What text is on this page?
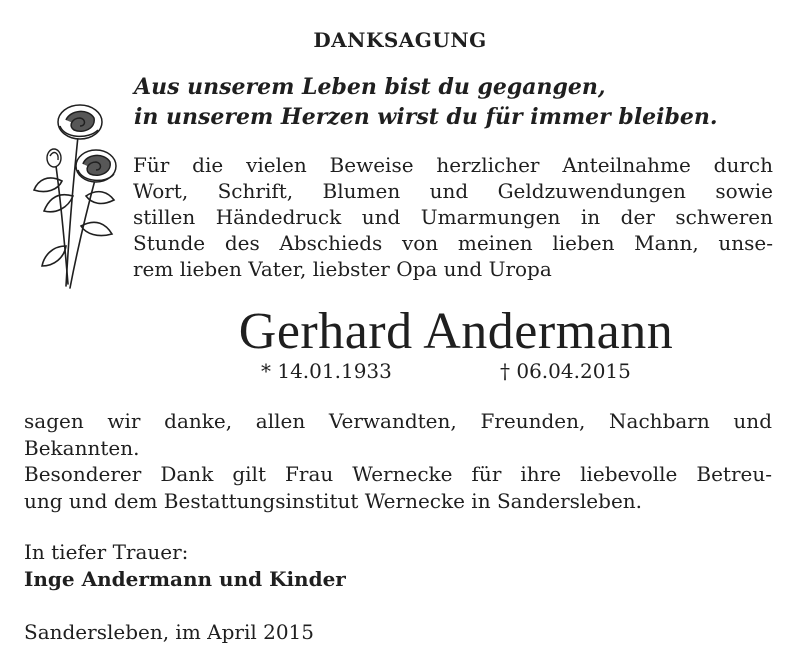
DANKSAGUNG
Aus unserem Leben bist du gegangen,
in unserem Herzen wirst du für immer bleiben.
Für die vielen Beweise herzlicher Anteilnahme durch
Wort, Schrift, Blumen und Geldzuwendungen sowie
stillen Händedruck und Umarmungen in der schweren
Stunde des Abschieds von meinen lieben Mann, unse-
rem lieben Vater, liebster Opa und Uropa
Gerhard Andermann
* 14.01.1933	† 06.04.2015
sagen wir danke, allen Verwandten, Freunden, Nachbarn und
Bekannten.
Besonderer Dank gilt Frau Wernecke für ihre liebevolle Betreu-
ung und dem Bestattungsinstitut Wernecke in Sandersleben.
In tiefer Trauer:
Inge Andermann und Kinder
Sandersleben, im April 2015
